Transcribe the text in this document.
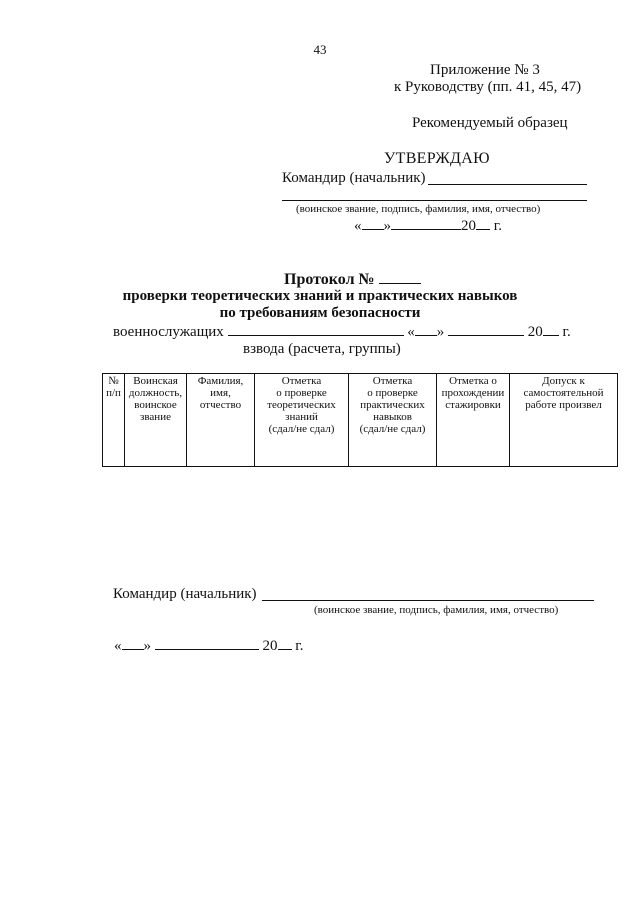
43
Приложение № 3
к Руководству (пп. 41, 45, 47)
Рекомендуемый образец
УТВЕРЖДАЮ
Командир (начальник)
(воинское звание, подпись, фамилия, имя, отчество)
« »	20 г.
Протокол №
проверки теоретических знаний и практических навыков
по требованиям безопасности
военнослужащих	« »	20 г.
взвода (расчета, группы)
№
п/п

Воинская
должность,
воинское
звание

Фамилия,
имя,
отчество

Отметка
о проверке
теоретических
знаний
(сдал/не сдал)

Отметка
о проверке
практических
навыков
(сдал/не сдал)

Отметка о
прохождении
стажировки

Допуск к
самостоятельной
работе произвел
Командир (начальник)
(воинское звание, подпись, фамилия, имя, отчество)
« »	20 г.
